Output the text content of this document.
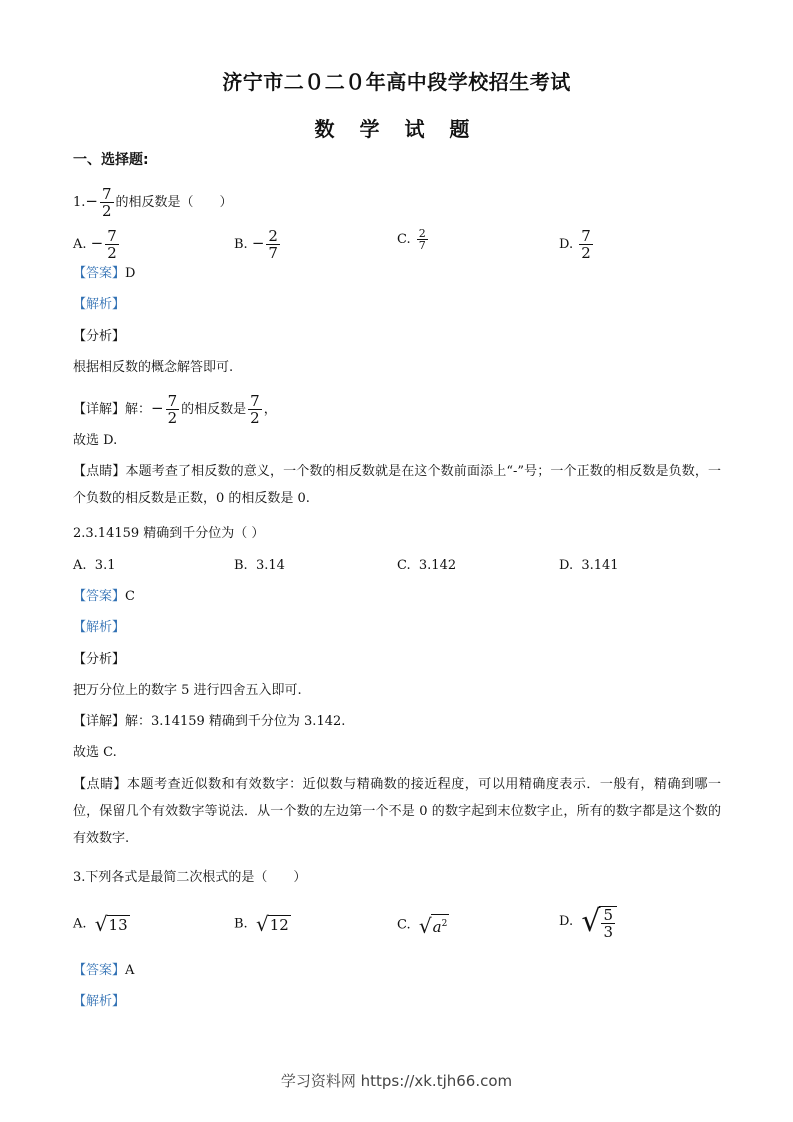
济宁市二０二０年高中段学校招生考试
数 学 试 题
一、选择题:
$1.- \frac{7}{2}$ 的相反数是（　　）
A. − $\frac{7}{2}$	B. − $\frac{2}{7}$	C. $\frac{2}{7}$	D. $\frac{7}{2}$
【答案】D
【解析】
【分析】
根据相反数的概念解答即可.
【详解】解：− $\frac{7}{2}$ 的相反数是 $\frac{7}{2}$ ，
故选 D.
【点睛】本题考查了相反数的意义，一个数的相反数就是在这个数前面添上“-”号；一个正数的相反数是负数，一个负数的相反数是正数，0 的相反数是 0.
2.3.14159 精确到千分位为（ ）
A. 3.1	B. 3.14	C. 3.142	D. 3.141
【答案】C
【解析】
【分析】
把万分位上的数字 5 进行四舍五入即可.
【详解】解：3.14159 精确到千分位为 3.142.
故选 C.
【点睛】本题考查近似数和有效数字：近似数与精确数的接近程度，可以用精确度表示．一般有，精确到哪一位，保留几个有效数字等说法．从一个数的左边第一个不是 0 的数字起到末位数字止，所有的数字都是这个数的有效数字.
3.下列各式是最简二次根式的是（　　）
A. √ 13	B. √ 12	C. √ $a^2$	D. √ $\frac{5}{3}$
【答案】A
【解析】
学习资料网 https://xk.tjh66.com
